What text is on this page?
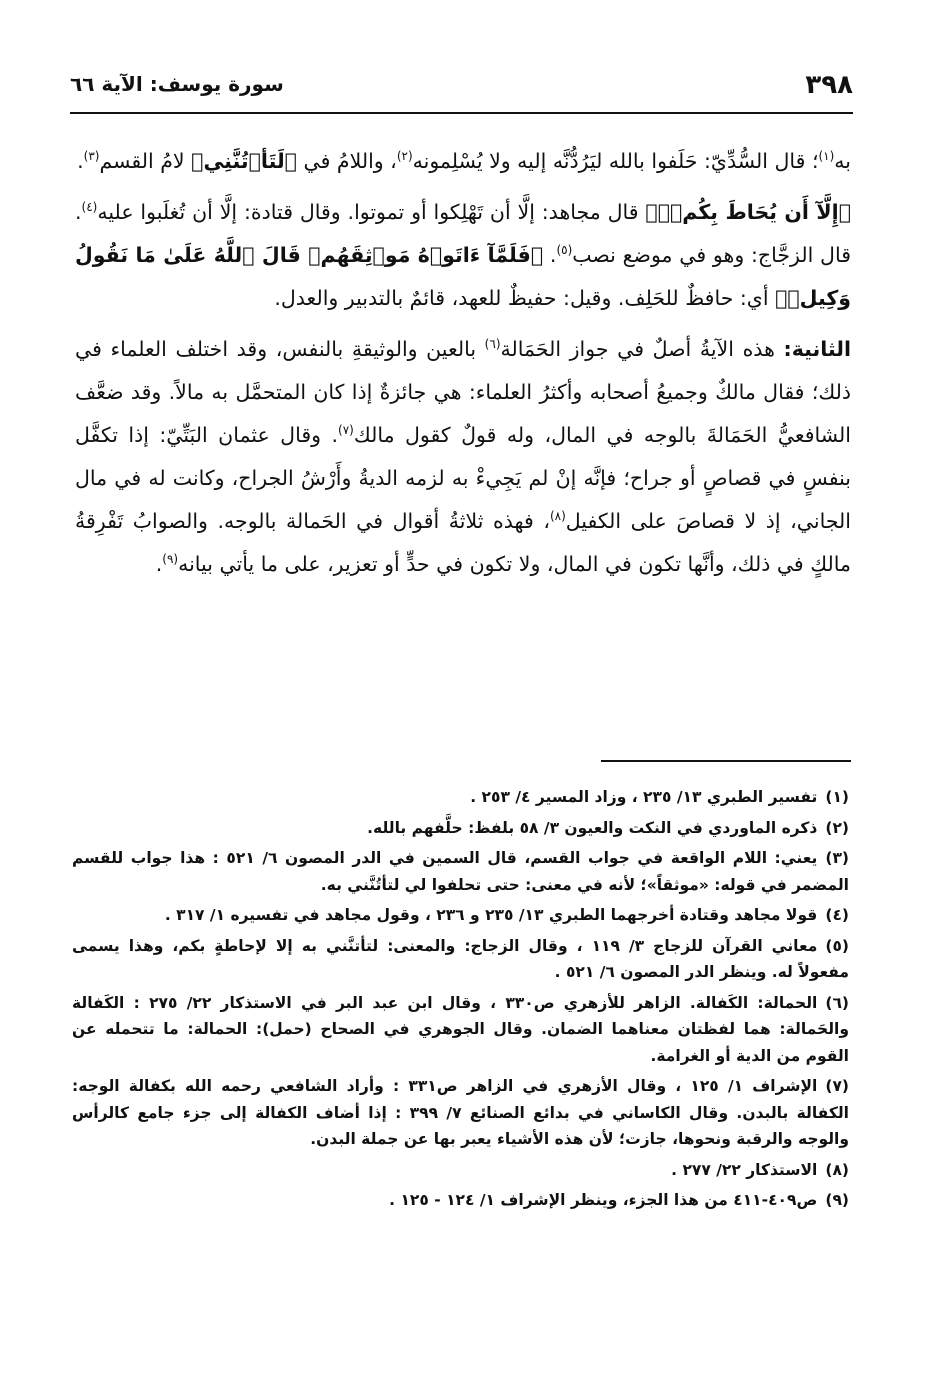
٣٩٨
سورة يوسف: الآية ٦٦

به$^{(١)}$؛ قال السُّدِّيّ: حَلَفوا بالله ليَرُدُّنَّه إليه ولا يُسْلِمونه$^{(٢)}$، واللامُ في ﴿لَتَأۡتُنَّنِي﴾ لامُ القسم$^{(٣)}$.

﴿إِلَّآ أَن يُحَاطَ بِكُمۡۖ﴾ قال مجاهد: إلَّا أن تَهْلِكوا أو تموتوا. وقال قتادة: إلَّا أن تُغلَبوا عليه$^{(٤)}$. قال الزجَّاج: وهو في موضع نصب$^{(٥)}$. ﴿فَلَمَّآ ءَاتَوۡهُ مَوۡثِقَهُمۡ قَالَ ٱللَّهُ عَلَىٰ مَا نَقُولُ وَكِيلٞ﴾ أي: حافظٌ للحَلِف. وقيل: حفيظٌ للعهد، قائمٌ بالتدبير والعدل.

الثانية: هذه الآيةُ أصلٌ في جواز الحَمَالة$^{(٦)}$ بالعين والوثيقةِ بالنفس، وقد اختلف العلماء في ذلك؛ فقال مالكٌ وجميعُ أصحابه وأكثرُ العلماء: هي جائزةٌ إذا كان المتحمَّل به مالاً. وقد ضعَّف الشافعيُّ الحَمَالةَ بالوجه في المال، وله قولٌ كقول مالك$^{(٧)}$. وقال عثمان البَتِّيّ: إذا تكفَّل بنفسٍ في قصاصٍ أو جراح؛ فإنَّه إنْ لم يَجِيءْ به لزمه الديةُ وأَرْشُ الجراح، وكانت له في مال الجاني، إذ لا قصاصَ على الكفيل$^{(٨)}$، فهذه ثلاثةُ أقوال في الحَمالة بالوجه. والصوابُ تَفْرِقةُ مالكٍ في ذلك، وأنَّها تكون في المال، ولا تكون في حدٍّ أو تعزير، على ما يأتي بيانه$^{(٩)}$.

(١)تفسير الطبري ١٣/ ٢٣٥ ، وزاد المسير ٤/ ٢٥٣ .
(٢)ذكره الماوردي في النكت والعيون ٣/ ٥٨ بلفظ: حلَّفهم بالله.
(٣)يعني: اللام الواقعة في جواب القسم، قال السمين في الدر المصون ٦/ ٥٢١ : هذا جواب للقسم المضمر في قوله: «موثقاً»؛ لأنه في معنى: حتى تحلفوا لي لتأتُنَّني به.
(٤)قولا مجاهد وقتادة أخرجهما الطبري ١٣/ ٢٣٥ و ٢٣٦ ، وقول مجاهد في تفسيره ١/ ٣١٧ .
(٥)معاني القرآن للزجاج ٣/ ١١٩ ، وقال الزجاج: والمعنى: لتأتنَّني به إلا لإحاطةٍ بكم، وهذا يسمى مفعولاً له. وينظر الدر المصون ٦/ ٥٢١ .
(٦)الحمالة: الكَفالة. الزاهر للأزهري ص٣٣٠ ، وقال ابن عبد البر في الاستذكار ٢٢/ ٢٧٥ : الكَفالة والحَمالة: هما لفظتان معناهما الضمان. وقال الجوهري في الصحاح (حمل): الحمالة: ما تتحمله عن القوم من الدية أو الغرامة.
(٧)الإشراف ١/ ١٢٥ ، وقال الأزهري في الزاهر ص٣٣١ : وأراد الشافعي رحمه الله بكفالة الوجه: الكفالة بالبدن. وقال الكاساني في بدائع الصنائع ٧/ ٣٩٩ : إذا أضاف الكفالة إلى جزء جامع كالرأس والوجه والرقبة ونحوها، جازت؛ لأن هذه الأشياء يعبر بها عن جملة البدن.
(٨)الاستذكار ٢٢/ ٢٧٧ .
(٩)ص٤٠٩-٤١١ من هذا الجزء، وينظر الإشراف ١/ ١٢٤ - ١٢٥ .
